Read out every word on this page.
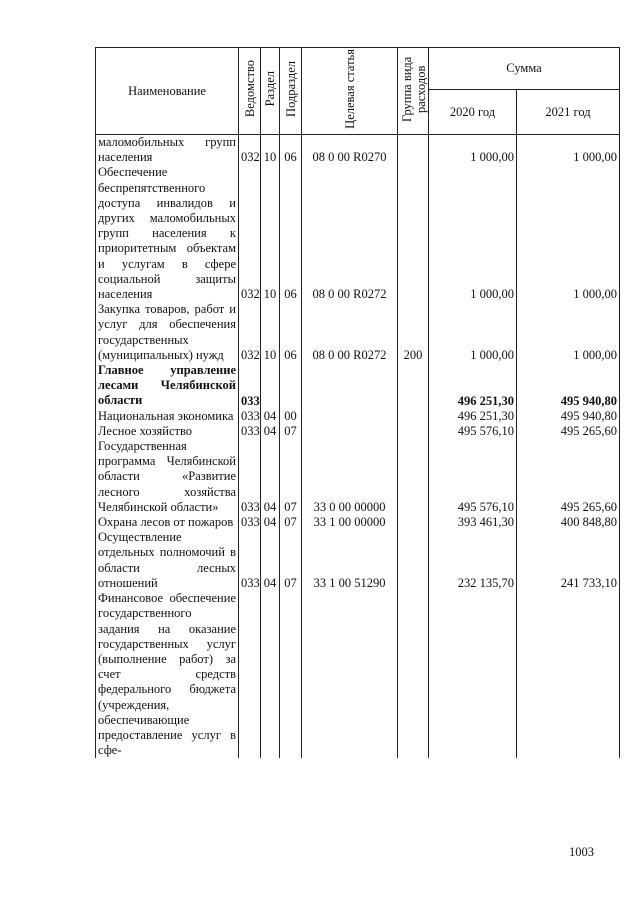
Наименование	Ведомство	Раздел	Подраздел	Целевая статья	Группа вида расходов	Сумма	
						2020 год	2021 год
маломобильных групп населения	032	10	06	08 0 00 R0270		1 000,00	1 000,00
Обеспечение беспрепятственного доступа инвалидов и других маломобильных групп населения к приоритетным объектам и услугам в сфере социальной защиты населения	032	10	06	08 0 00 R0272		1 000,00	1 000,00
Закупка товаров, работ и услуг для обеспечения государственных (муниципальных) нужд	032	10	06	08 0 00 R0272	200	1 000,00	1 000,00
Главное управление лесами Челябинской области	033					496 251,30	495 940,80
Национальная экономика	033	04	00			496 251,30	495 940,80
Лесное хозяйство	033	04	07			495 576,10	495 265,60
Государственная программа Челябинской области «Развитие лесного хозяйства Челябинской области»	033	04	07	33 0 00 00000		495 576,10	495 265,60
Охрана лесов от пожаров	033	04	07	33 1 00 00000		393 461,30	400 848,80
Осуществление отдельных полномочий в области лесных отношений	033	04	07	33 1 00 51290		232 135,70	241 733,10
Финансовое обеспечение государственного задания на оказание государственных услуг (выполнение работ) за счет средств федерального бюджета (учреждения, обеспечивающие предоставление услуг в сфе-							
1003
